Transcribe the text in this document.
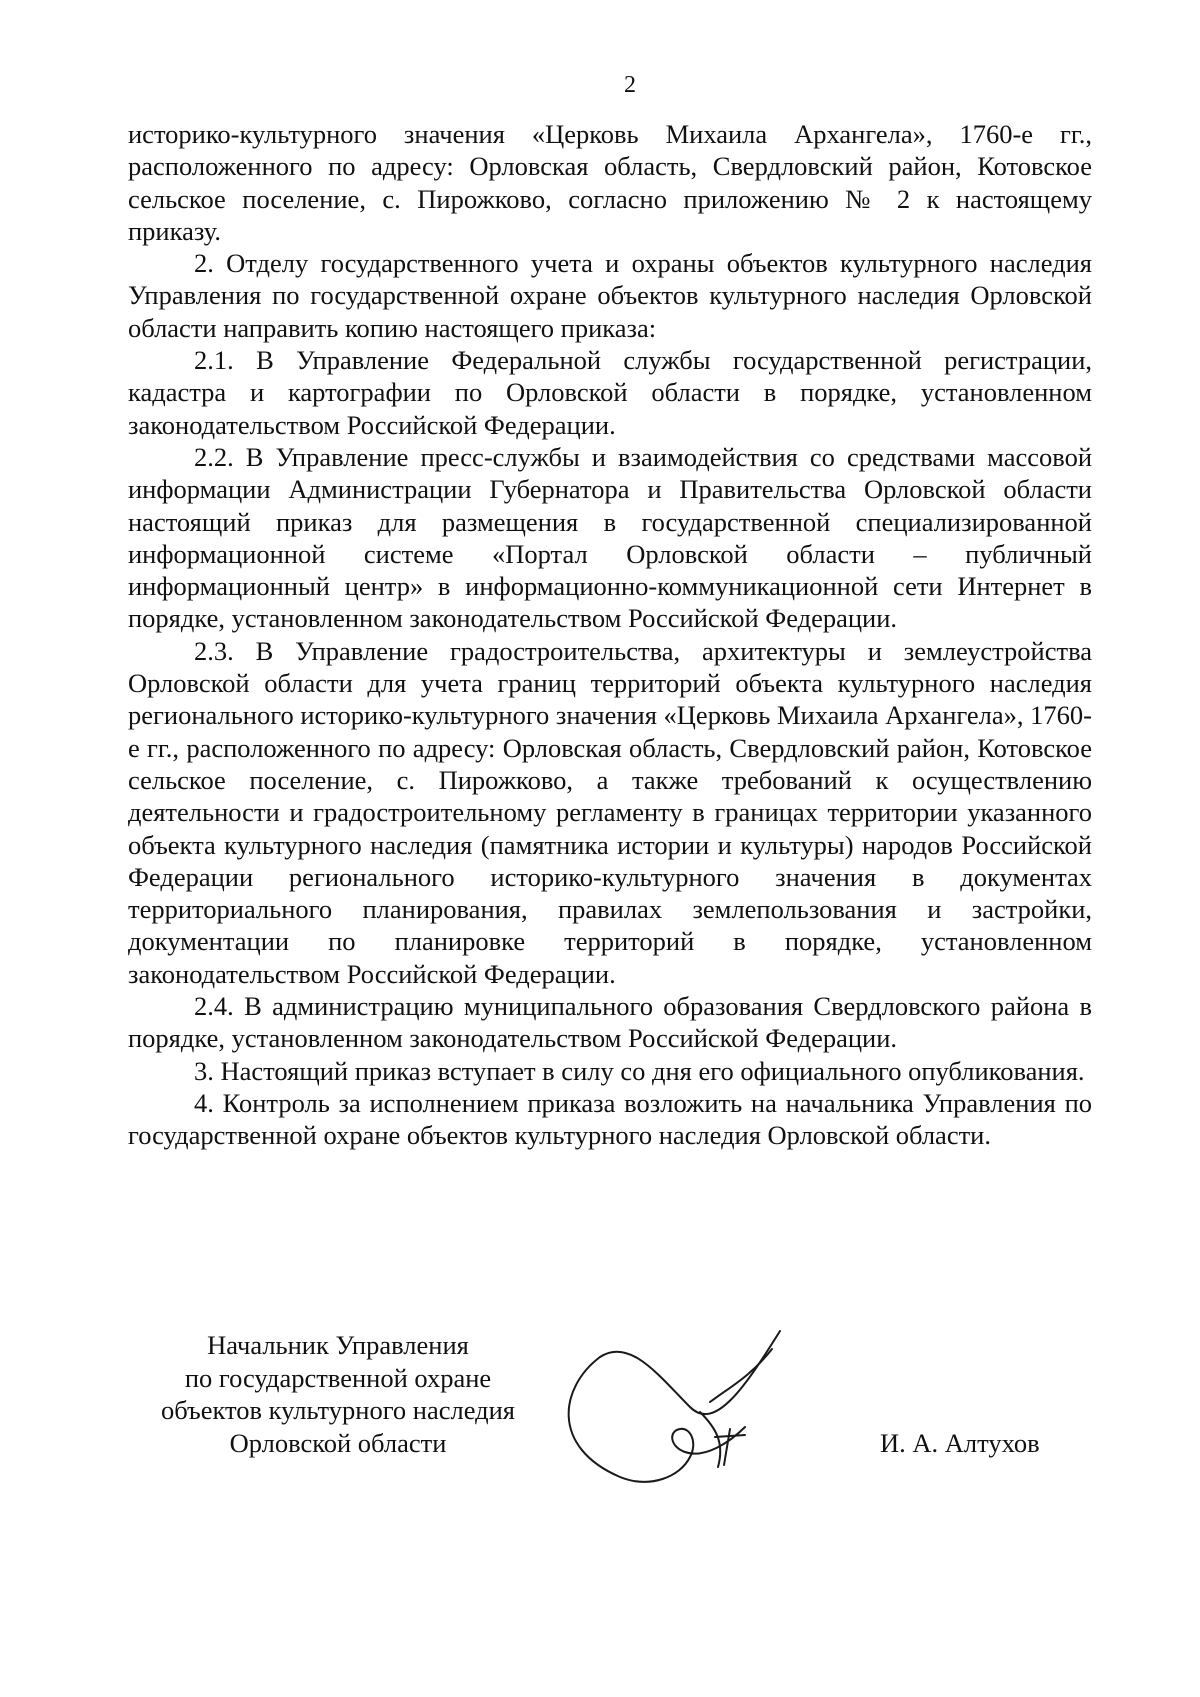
2

историко-культурного значения «Церковь Михаила Архангела», 1760-е гг., расположенного по адресу: Орловская область, Свердловский район, Котовское сельское поселение, с. Пирожково, согласно приложению № 2 к настоящему приказу.

2. Отделу государственного учета и охраны объектов культурного наследия Управления по государственной охране объектов культурного наследия Орловской области направить копию настоящего приказа:

2.1. В Управление Федеральной службы государственной регистрации, кадастра и картографии по Орловской области в порядке, установленном законодательством Российской Федерации.

2.2. В Управление пресс-службы и взаимодействия со средствами массовой информации Администрации Губернатора и Правительства Орловской области настоящий приказ для размещения в государственной специализированной информационной системе «Портал Орловской области – публичный информационный центр» в информационно-коммуникационной сети Интернет в порядке, установленном законодательством Российской Федерации.

2.3. В Управление градостроительства, архитектуры и землеустройства Орловской области для учета границ территорий объекта культурного наследия регионального историко-культурного значения «Церковь Михаила Архангела», 1760-е гг., расположенного по адресу: Орловская область, Свердловский район, Котовское сельское поселение, с. Пирожково, а также требований к осуществлению деятельности и градостроительному регламенту в границах территории указанного объекта культурного наследия (памятника истории и культуры) народов Российской Федерации регионального историко-культурного значения в документах территориального планирования, правилах землепользования и застройки, документации по планировке территорий в порядке, установленном законодательством Российской Федерации.

2.4. В администрацию муниципального образования Свердловского района в порядке, установленном законодательством Российской Федерации.

3. Настоящий приказ вступает в силу со дня его официального опубликования.

4. Контроль за исполнением приказа возложить на начальника Управления по государственной охране объектов культурного наследия Орловской области.

Начальник Управления
по государственной охране
объектов культурного наследия
Орловской области	И. А. Алтухов
